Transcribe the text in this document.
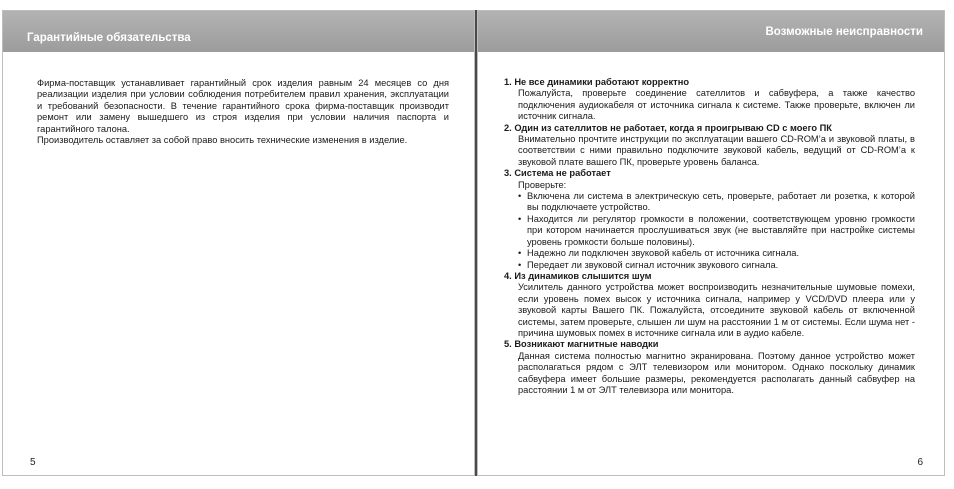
Гарантийные обязательства

Фирма-поставщик устанавливает гарантийный срок изделия равным 24 месяцев со дня реализации изделия при условии соблюдения потребителем правил хранения, эксплуатации и требований безопасности. В течение гарантийного срока фирма-поставщик производит ремонт или замену вышедшего из строя изделия при условии наличия паспорта и гарантийного талона.

Производитель оставляет за собой право вносить технические изменения в изделие.

5
Возможные неисправности

1. Не все динамики работают корректно

Пожалуйста, проверьте соединение сателлитов и сабвуфера, а также качество подключения аудиокабеля от источника сигнала к системе. Также проверьте, включен ли источник сигнала.

2. Один из сателлитов не работает, когда я проигрываю CD с моего ПК

Внимательно прочтите инструкции по эксплуатации вашего CD-ROM’a и звуковой платы, в соответствии с ними правильно подключите звуковой кабель, ведущий от CD-ROM’a к звуковой плате вашего ПК, проверьте уровень баланса.

3. Система не работает

Проверьте:

• Включена ли система в электрическую сеть, проверьте, работает ли розетка, к которой вы подключаете устройство.
• Находится ли регулятор громкости в положении, соответствующем уровню громкости при котором начинается прослушиваться звук (не выставляйте при настройке системы уровень громкости больше половины).
• Надежно ли подключен звуковой кабель от источника сигнала.
• Передает ли звуковой сигнал источник звукового сигнала.

4. Из динамиков слышится шум

Усилитель данного устройства может воспроизводить незначительные шумовые помехи, если уровень помех высок у источника сигнала, например у VCD/DVD плеера или у звуковой карты Вашего ПК. Пожалуйста, отсоедините звуковой кабель от включенной системы, затем проверьте, слышен ли шум на расстоянии 1 м от системы. Если шума нет - причина шумовых помех в источнике сигнала или в аудио кабеле.

5. Возникают магнитные наводки

Данная система полностью магнитно экранирована. Поэтому данное устройство может располагаться рядом с ЭЛТ телевизором или монитором. Однако поскольку динамик сабвуфера имеет большие размеры, рекомендуется располагать данный сабвуфер на расстоянии 1 м от ЭЛТ телевизора или монитора.

6
